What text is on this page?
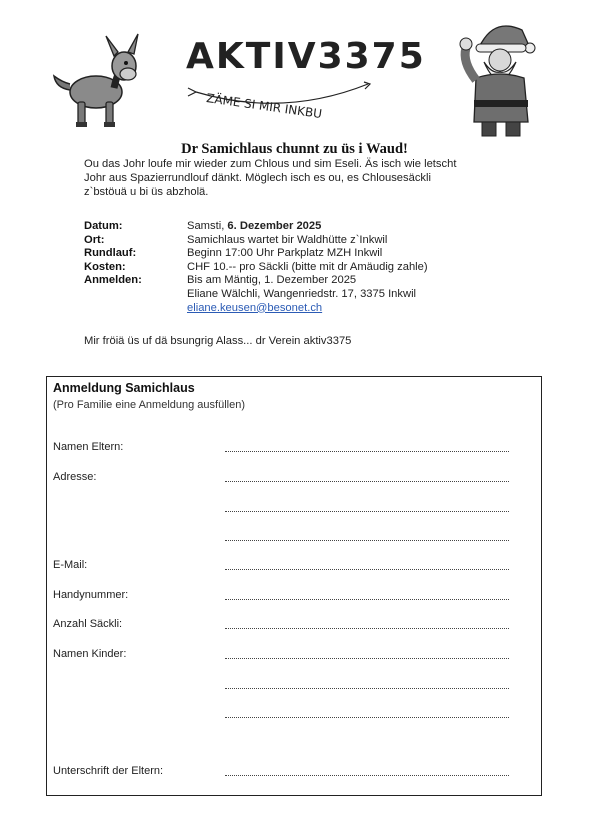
AKTIV3375
ZÄME SI MIR INKBU
Dr Samichlaus chunnt zu üs i Waud!
Ou das Johr loufe mir wieder zum Chlous und sim Eseli. Äs isch wie letscht
Johr aus Spazierrundlouf dänkt. Möglech isch es ou, es Chlousesäckli
z`bstöuä u bi üs abzholä.
Datum:	Samsti, 6. Dezember 2025
Ort:	Samichlaus wartet bir Waldhütte z`Inkwil
Rundlauf:	Beginn 17:00 Uhr Parkplatz MZH Inkwil
Kosten:	CHF 10.-- pro Säckli (bitte mit dr Amäudig zahle)
Anmelden:	Bis am Mäntig, 1. Dezember 2025
Eliane Wälchli, Wangenriedstr. 17, 3375 Inkwil
eliane.keusen@besonet.ch
Mir fröiä üs uf dä bsungrig Alass... dr Verein aktiv3375
Anmeldung Samichlaus
(Pro Familie eine Anmeldung ausfüllen)
Namen Eltern:
Adresse:
E-Mail:
Handynummer:
Anzahl Säckli:
Namen Kinder:
Unterschrift der Eltern:
